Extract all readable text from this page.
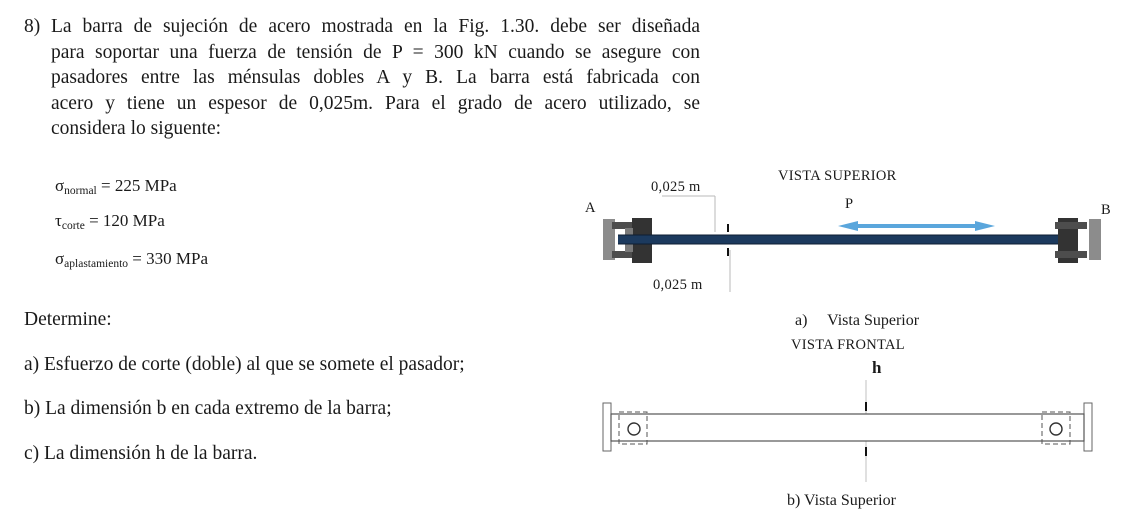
8) La barra de sujeción de acero mostrada en la Fig. 1.30. debe ser diseñada
para soportar una fuerza de tensión de P = 300 kN cuando se asegure con
pasadores entre las ménsulas dobles A y B. La barra está fabricada con
acero y tiene un espesor de 0,025m. Para el grado de acero utilizado, se
considera lo siguente:
$\sigma_{normal} = 225$ MPa
$\tau_{corte} = 120$ MPa
$\sigma_{aplastamiento} = 330$ MPa
Determine:
a) Esfuerzo de corte (doble) al que se somete el pasador;
b) La dimensión b en cada extremo de la barra;
c) La dimensión h de la barra.
VISTA SUPERIOR
0,025 m
A	P	B
0,025 m
a)     Vista Superior
VISTA FRONTAL
h
b) Vista Superior
